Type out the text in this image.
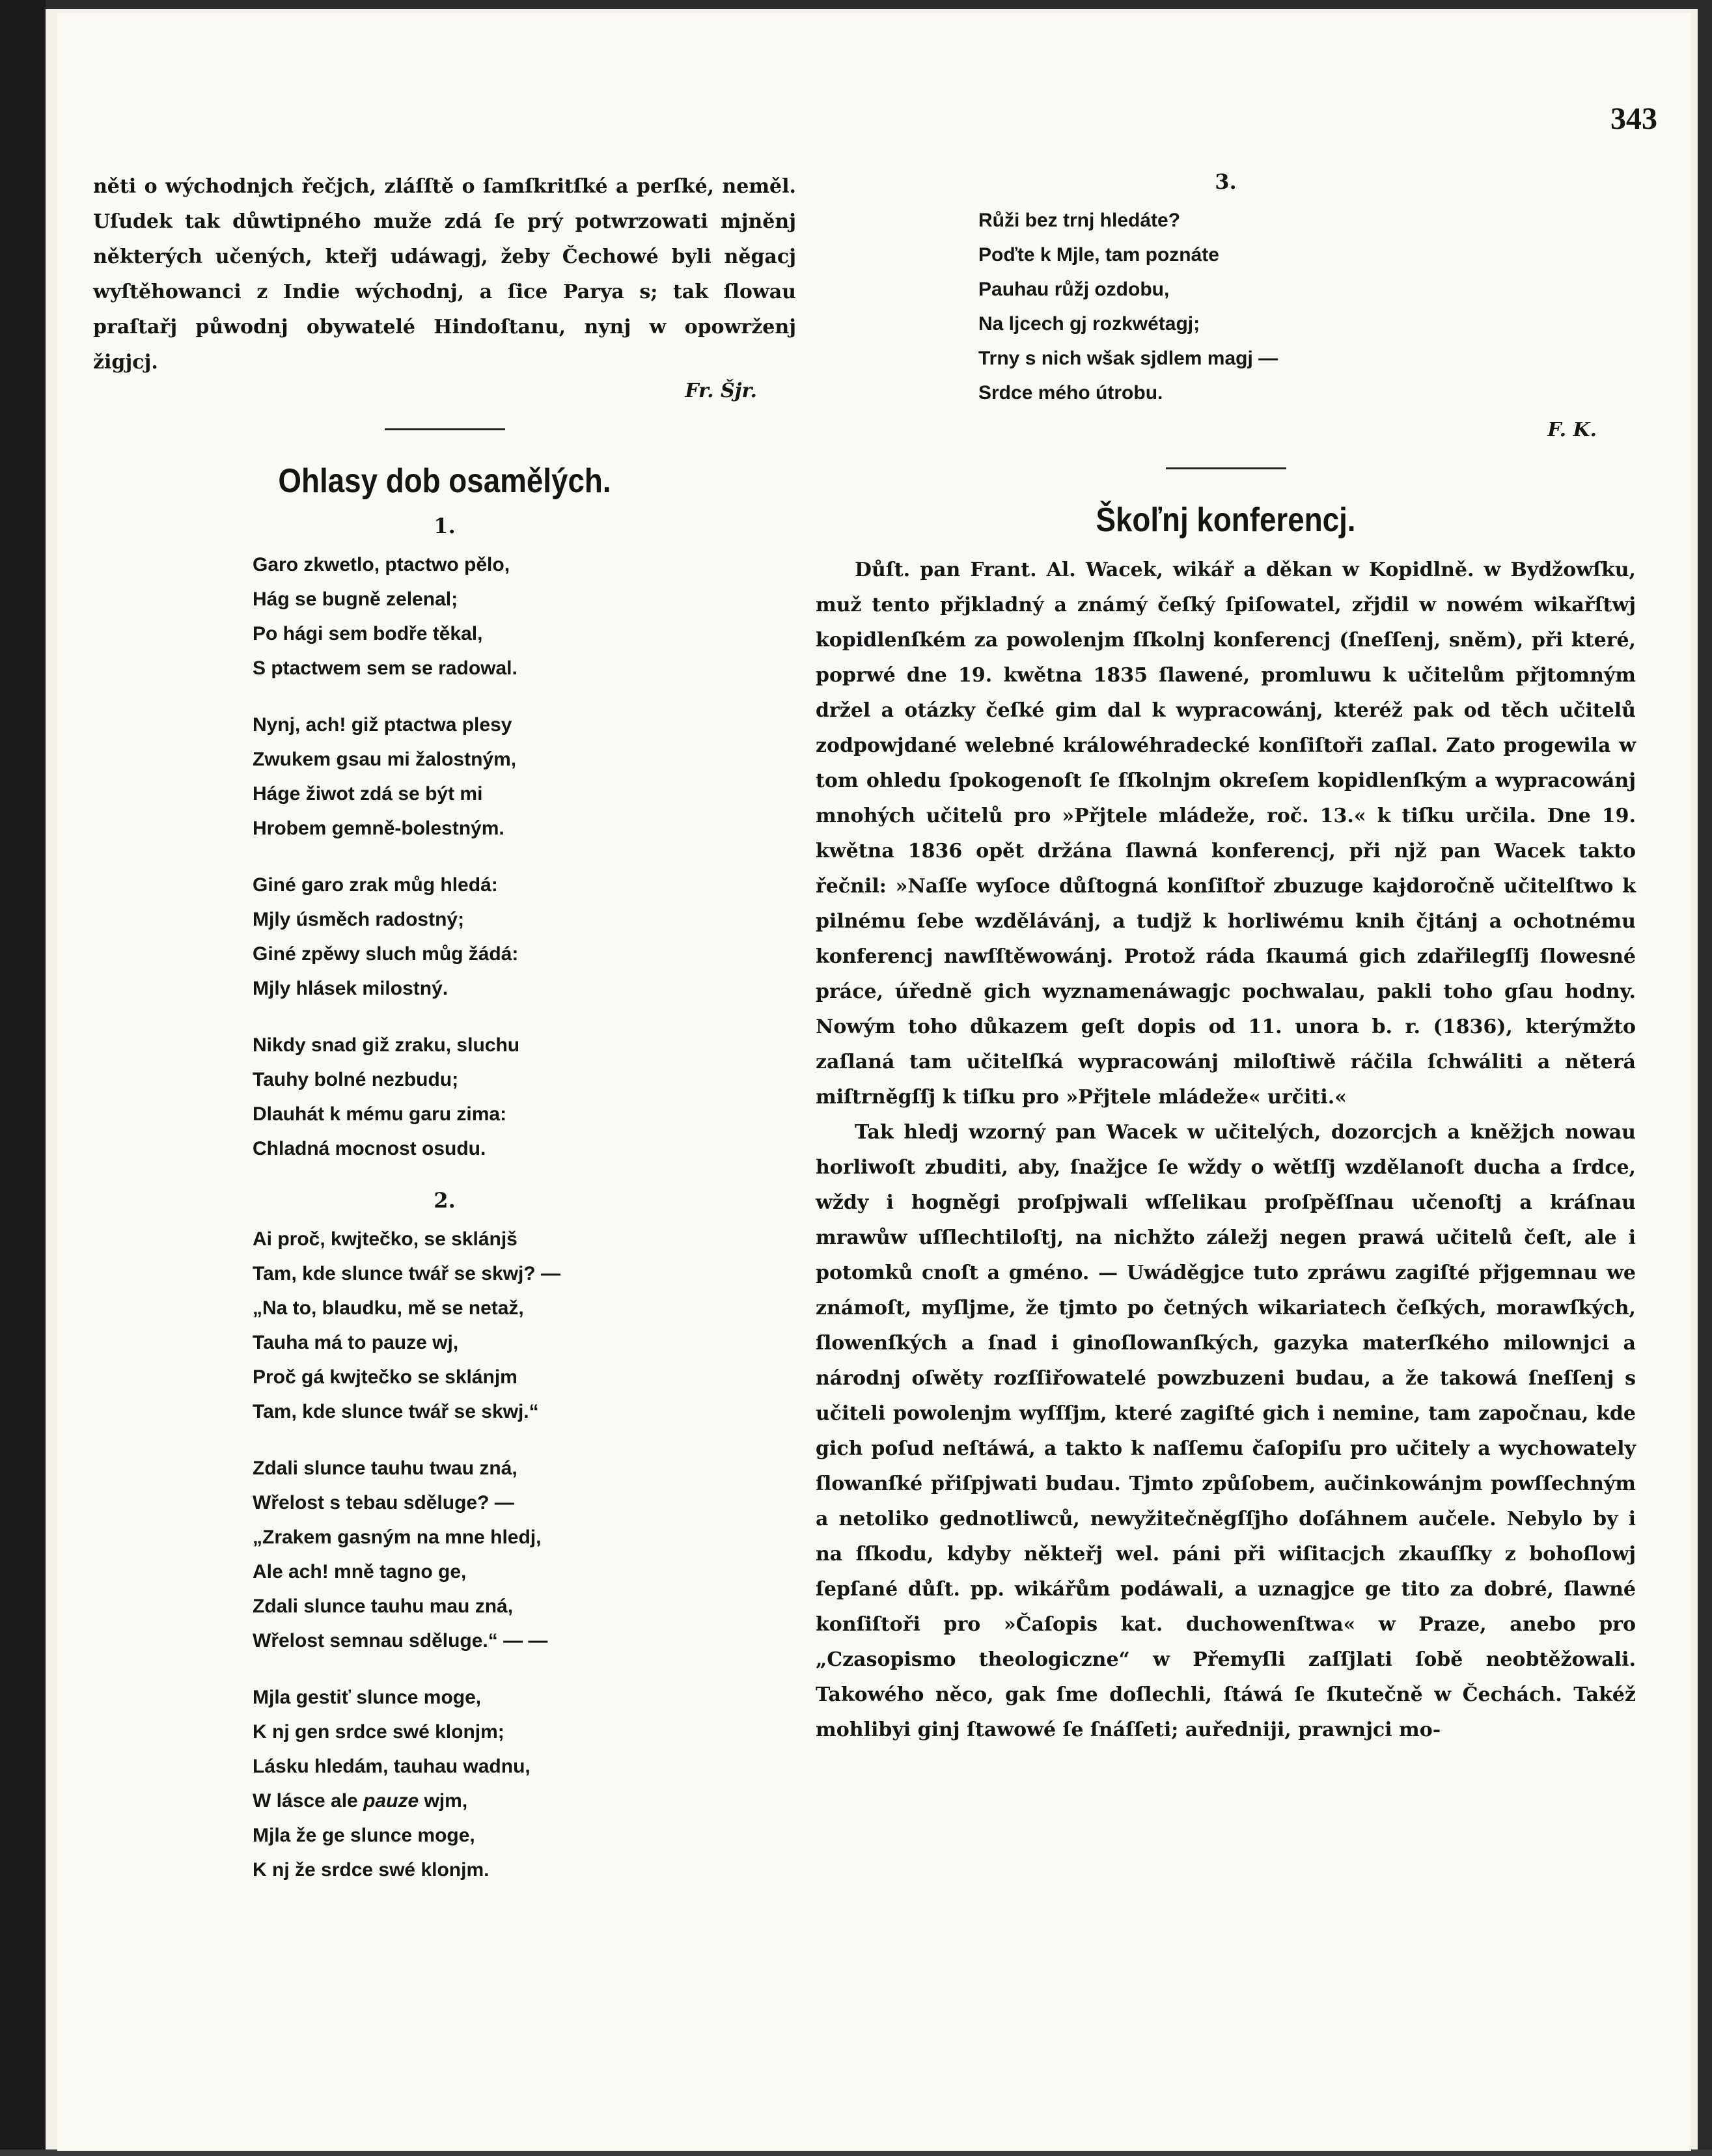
343
něti o wýchodnjch řečjch, zláſſtě o ſamſkritſké a perſké, neměl. Uſudek tak důwtipného muže zdá ſe prý potwrzowati mjněnj některých učených, kteřj udáwagj, žeby Čechowé byli něgacj wyſtěhowanci z Indie wýchodnj, a ſice Parya s; tak ſlowau praſtařj půwodnj obywatelé Hindoſtanu, nynj w opowrženj žigjcj.
Fr. Šjr.
Ohlasy dob osamělých.
1.
Garo zkwetlo, ptactwo pělo,
Hág se bugně zelenal;
Po hági sem bodře těkal,
S ptactwem sem se radowal.
Nynj, ach! giž ptactwa plesy
Zwukem gsau mi žalostným,
Háge žiwot zdá se být mi
Hrobem gemně-bolestným.
Giné garo zrak můg hledá:
Mjly úsměch radostný;
Giné zpěwy sluch můg žádá:
Mjly hlásek milostný.
Nikdy snad giž zraku, sluchu
Tauhy bolné nezbudu;
Dlauhát k mému garu zima:
Chladná mocnost osudu.
2.
Ai proč, kwjtečko, se sklánjš
Tam, kde slunce twář se skwj? —
„Na to, blaudku, mě se netaž,
Tauha má to pauze wj,
Proč gá kwjtečko se sklánjm
Tam, kde slunce twář se skwj.“
Zdali slunce tauhu twau zná,
Wřelost s tebau sděluge? —
„Zrakem gasným na mne hledj,
Ale ach! mně tagno ge,
Zdali slunce tauhu mau zná,
Wřelost semnau sděluge.“ — —
Mjla gestiť slunce moge,
K nj gen srdce swé klonjm;
Lásku hledám, tauhau wadnu,
W lásce ale pauze wjm,
Mjla že ge slunce moge,
K nj že srdce swé klonjm.
3.
Růži bez trnj hledáte?
Poďte k Mjle, tam poznáte
Pauhau růžj ozdobu,
Na ljcech gj rozkwétagj;
Trny s nich wšak sjdlem magj —
Srdce mého útrobu.
F. K.
Škoľnj konferencj.
Důſt. pan Frant. Al. Wacek, wikář a děkan w Kopidlně. w Bydžowſku, muž tento přjkladný a známý čeſký ſpiſowatel, zřjdil w nowém wikařſtwj kopidlenſkém za powolenjm ſſkolnj konferencj (ſneſſenj, sněm), při které, poprwé dne 19. kwětna 1835 ſlawené, promluwu k učitelům přjtomným držel a otázky čeſké gim dal k wypracowánj, kteréž pak od těch učitelů zodpowjdané welebné králowéhradecké konſiſtoři zaſlal. Zato progewila w tom ohledu ſpokogenoſt ſe ſſkolnjm okreſem kopidlenſkým a wypracowánj mnohých učitelů pro »Přjtele mládeže, roč. 13.« k tiſku určila. Dne 19. kwětna 1836 opět držána ſlawná konferencj, při njž pan Wacek takto řečnil: »Naſſe wyſoce důſtogná konſiſtoř zbuzuge kaɉdoročně učitelſtwo k pilnému ſebe wzdělávánj, a tudjž k horliwému knih čjtánj a ochotnému konferencj nawſſtěwowánj. Protož ráda ſkaumá gich zdařilegſſj ſlowesné práce, úředně gich wyznamenáwagjc pochwalau, pakli toho gſau hodny. Nowým toho důkazem geſt dopis od 11. unora b. r. (1836), kterýmžto zaſlaná tam učitelſká wypracowánj miloſtiwě ráčila ſchwáliti a něterá miſtrněgſſj k tiſku pro »Přjtele mládeže« určiti.«
Tak hledj wzorný pan Wacek w učitelých, dozorcjch a kněžjch nowau horliwoſt zbuditi, aby, ſnažjce ſe wždy o wětſſj wzdělanoſt ducha a ſrdce, wždy i hogněgi proſpjwali wſſelikau proſpěſſnau učenoſtj a kráſnau mrawůw uſſlechtiloſtj, na nichžto záležj negen prawá učitelů čeſt, ale i potomků cnoſt a gméno. — Uwáděgjce tuto zpráwu zagiſté přjgemnau we známoſt, myſljme, že tjmto po četných wikariatech čeſkých, morawſkých, ſlowenſkých a ſnad i ginoſlowanſkých, gazyka materſkého milownjci a národnj oſwěty rozſſiřowatelé powzbuzeni budau, a že takowá ſneſſenj s učiteli powolenjm wyſſſjm, které zagiſté gich i nemine, tam započnau, kde gich poſud neſtáwá, a takto k naſſemu čaſopiſu pro učitely a wychowately ſlowanſké přiſpjwati budau. Tjmto způſobem, aučinkowánjm powſſechným a netoliko gednotliwců, newyžitečněgſſjho doſáhnem aučele. Nebylo by i na ſſkodu, kdyby někteřj wel. páni při wiſitacjch zkauſſky z bohoſlowj ſepſané důſt. pp. wikářům podáwali, a uznagjce ge tito za dobré, ſlawné konſiſtoři pro »Čaſopis kat. duchowenſtwa« w Praze, anebo pro „Czasopismo theologiczne“ w Přemyſli zaſſjlati ſobě neobtěžowali. Takowého něco, gak ſme doſlechli, ſtáwá ſe ſkutečně w Čechách. Takéž mohlibyi ginj ſtawowé ſe ſnáſſeti; auředniji, prawnjci mo-
